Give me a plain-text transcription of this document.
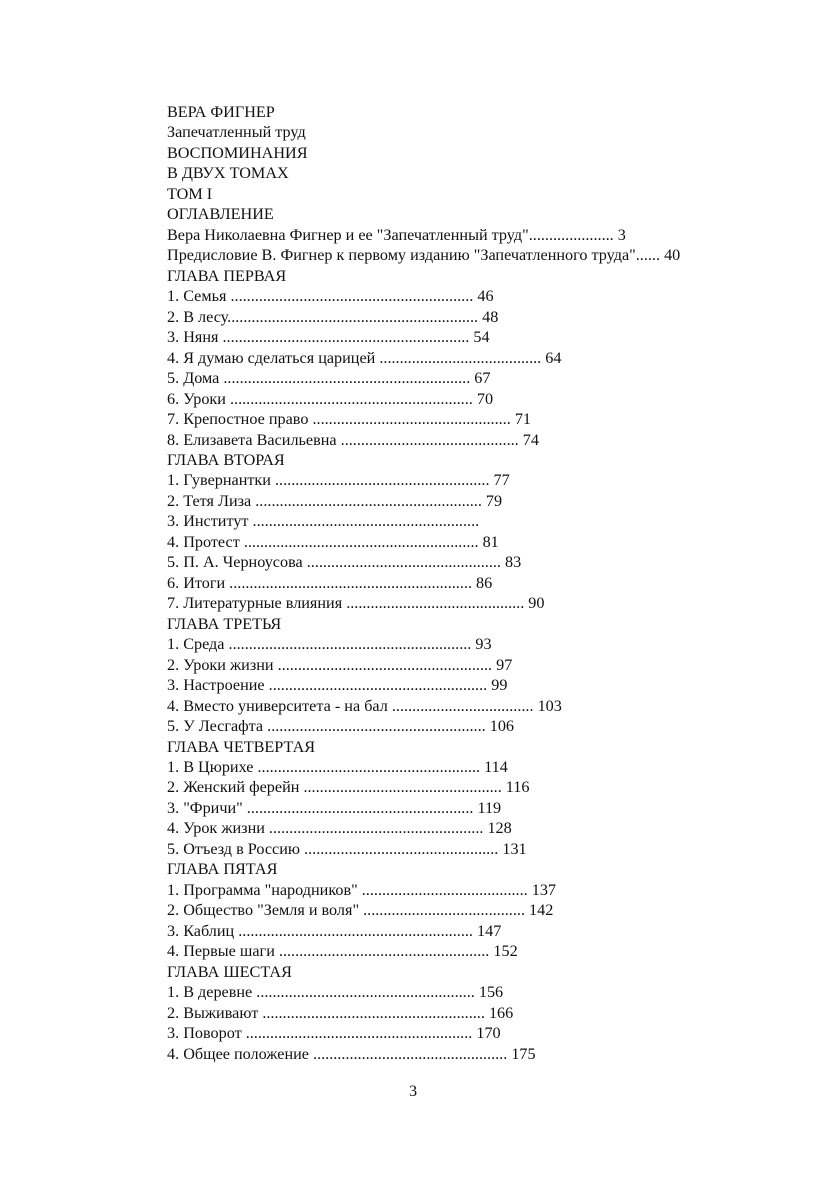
ВЕРА ФИГНЕР
Запечатленный труд
ВОСПОМИНАНИЯ
В ДВУХ ТОМАХ
ТОМ I
ОГЛАВЛЕНИЕ
Вера Николаевна Фигнер и ее "Запечатленный труд"..................... 3
Предисловие В. Фигнер к первому изданию "Запечатленного труда"...... 40
ГЛАВА ПЕРВАЯ
1. Семья ............................................................ 46
2. В лесу.............................................................. 48
3. Няня ............................................................. 54
4. Я думаю сделаться царицей ........................................ 64
5. Дома ............................................................. 67
6. Уроки ............................................................ 70
7. Крепостное право ................................................. 71
8. Елизавета Васильевна ............................................ 74
ГЛАВА ВТОРАЯ
1. Гувернантки ..................................................... 77
2. Тетя Лиза ........................................................ 79
3. Институт ........................................................
4. Протест .......................................................... 81
5. П. А. Черноусова ................................................ 83
6. Итоги ............................................................ 86
7. Литературные влияния ............................................ 90
ГЛАВА ТРЕТЬЯ
1. Среда ............................................................ 93
2. Уроки жизни ..................................................... 97
3. Настроение ...................................................... 99
4. Вместо университета - на бал ................................... 103
5. У Лесгафта ...................................................... 106
ГЛАВА ЧЕТВЕРТАЯ
1. В Цюрихе ....................................................... 114
2. Женский ферейн ................................................. 116
3. "Фричи" ........................................................ 119
4. Урок жизни ..................................................... 128
5. Отъезд в Россию ................................................ 131
ГЛАВА ПЯТАЯ
1. Программа "народников" ......................................... 137
2. Общество "Земля и воля" ........................................ 142
3. Каблиц .......................................................... 147
4. Первые шаги .................................................... 152
ГЛАВА ШЕСТАЯ
1. В деревне ...................................................... 156
2. Выживают ....................................................... 166
3. Поворот ........................................................ 170
4. Общее положение ................................................ 175
3
